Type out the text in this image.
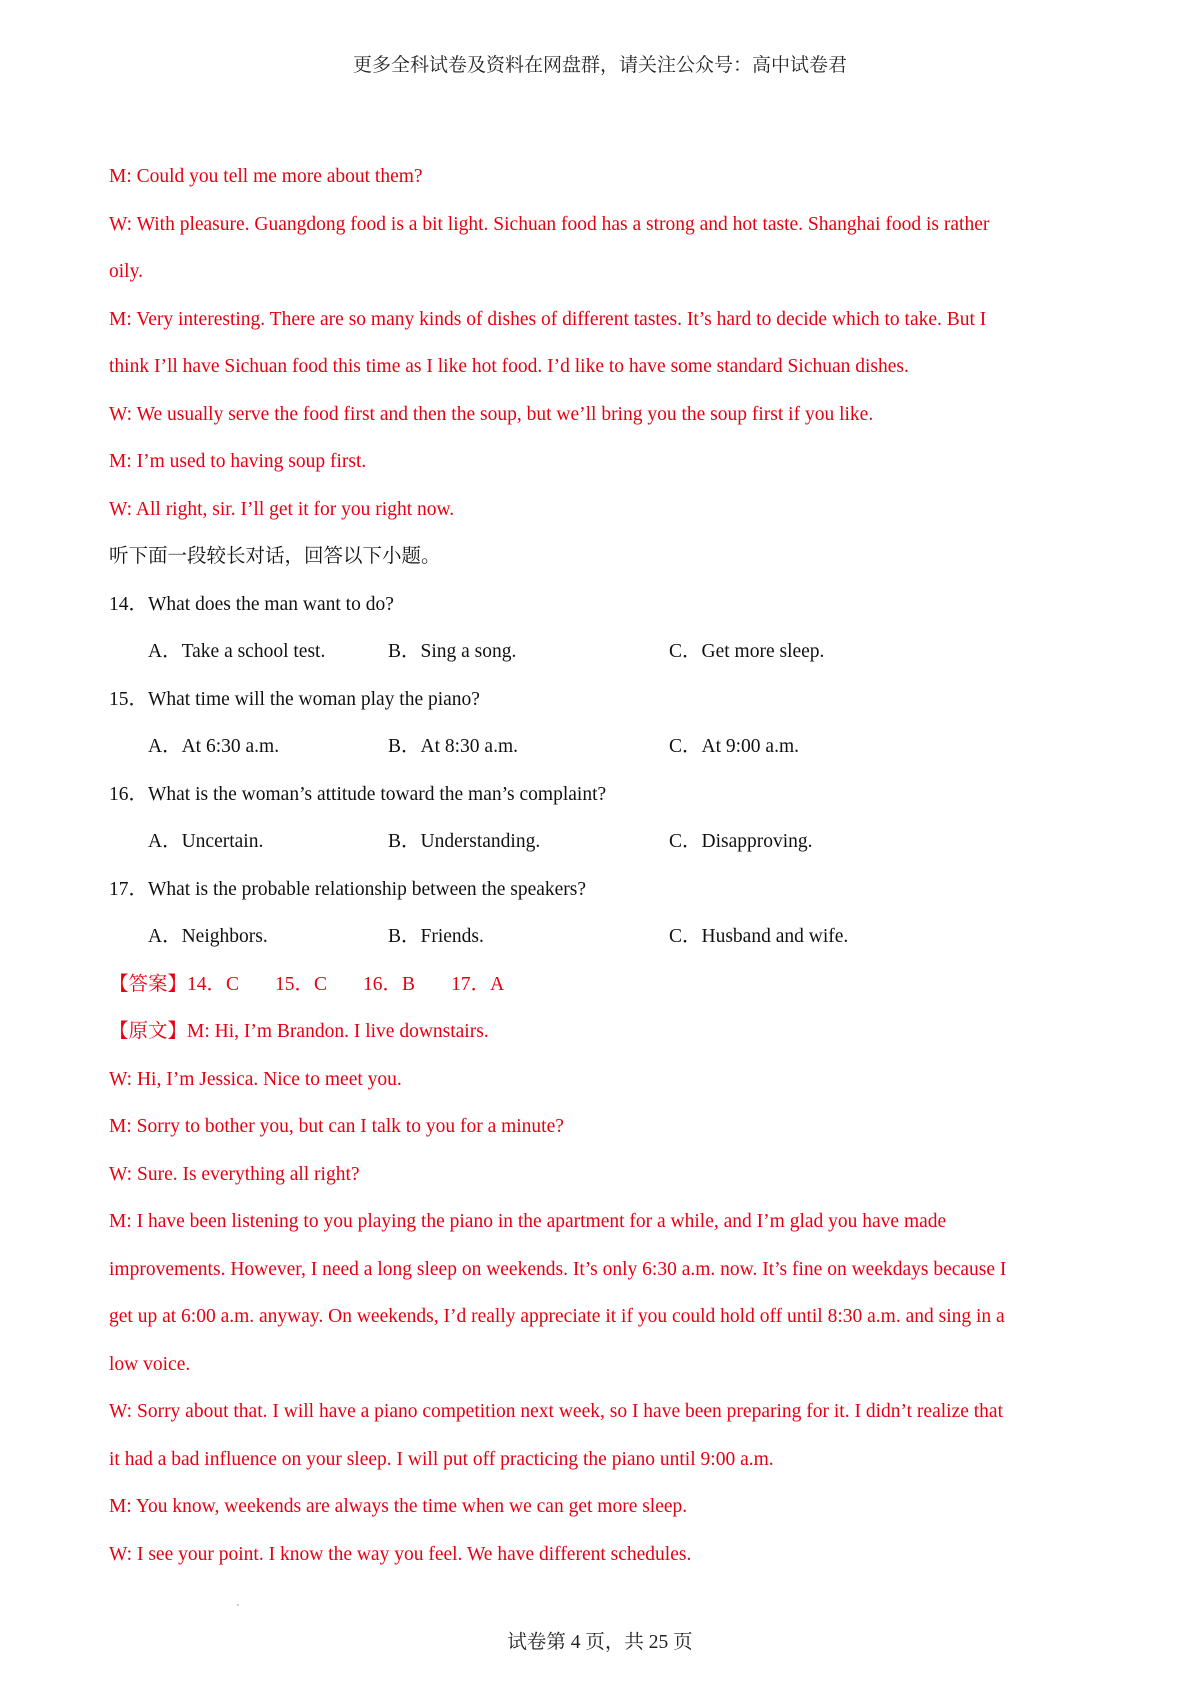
更多全科试卷及资料在网盘群，请关注公众号：高中试卷君
M: Could you tell me more about them?
W: With pleasure. Guangdong food is a bit light. Sichuan food has a strong and hot taste. Shanghai food is rather
oily.
M: Very interesting. There are so many kinds of dishes of different tastes. It’s hard to decide which to take. But I
think I’ll have Sichuan food this time as I like hot food. I’d like to have some standard Sichuan dishes.
W: We usually serve the food first and then the soup, but we’ll bring you the soup first if you like.
M: I’m used to having soup first.
W: All right, sir. I’ll get it for you right now.
听下面一段较长对话，回答以下小题。
14．What does the man want to do?
A．Take a school test.	B．Sing a song.	C．Get more sleep.
15．What time will the woman play the piano?
A．At 6:30 a.m.	B．At 8:30 a.m.	C．At 9:00 a.m.
16．What is the woman’s attitude toward the man’s complaint?
A．Uncertain.	B．Understanding.	C．Disapproving.
17．What is the probable relationship between the speakers?
A．Neighbors.	B．Friends.	C．Husband and wife.
【答案】14．C 15．C 16．B 17．A
【原文】M: Hi, I’m Brandon. I live downstairs.
W: Hi, I’m Jessica. Nice to meet you.
M: Sorry to bother you, but can I talk to you for a minute?
W: Sure. Is everything all right?
M: I have been listening to you playing the piano in the apartment for a while, and I’m glad you have made
improvements. However, I need a long sleep on weekends. It’s only 6:30 a.m. now. It’s fine on weekdays because I
get up at 6:00 a.m. anyway. On weekends, I’d really appreciate it if you could hold off until 8:30 a.m. and sing in a
low voice.
W: Sorry about that. I will have a piano competition next week, so I have been preparing for it. I didn’t realize that
it had a bad influence on your sleep. I will put off practicing the piano until 9:00 a.m.
M: You know, weekends are always the time when we can get more sleep.
W: I see your point. I know the way you feel. We have different schedules.
试卷第 4 页，共 25 页
